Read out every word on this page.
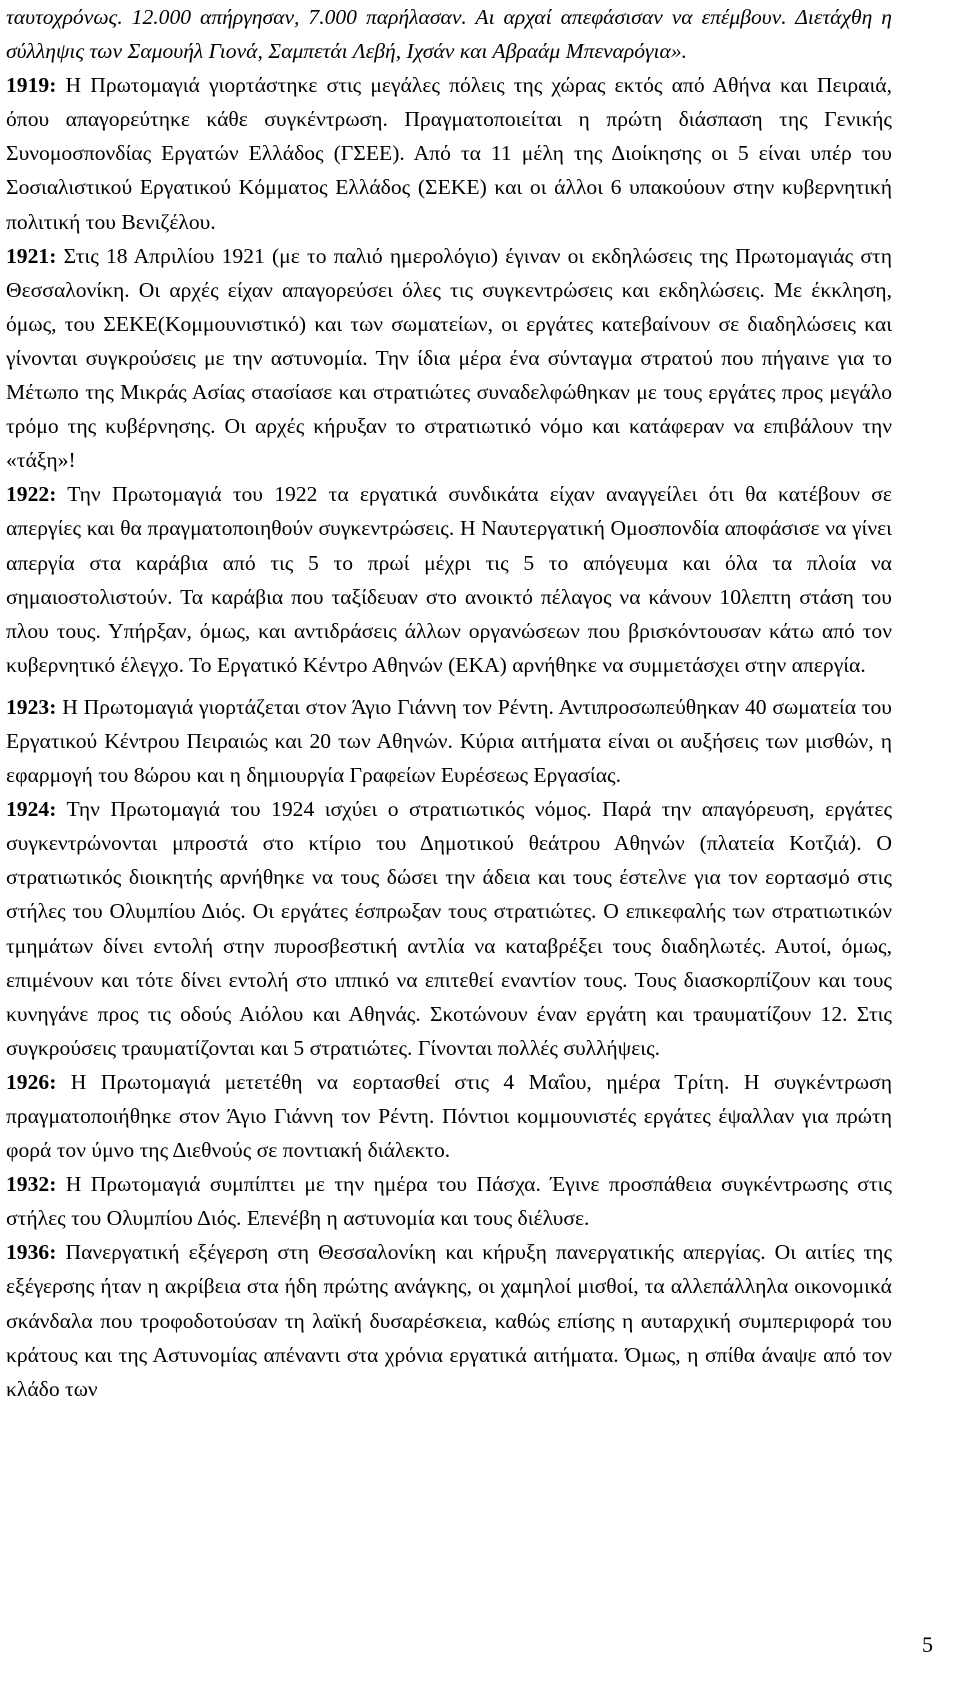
ταυτοχρόνως. 12.000 απήργησαν, 7.000 παρήλασαν. Αι αρχαί απεφάσισαν να επέμβουν. Διετάχθη η σύλληψις των Σαμουήλ Γιονά, Σαμπετάι Λεβή, Ιχσάν και Αβραάμ Μπεναρόγια».

1919: Η Πρωτομαγιά γιορτάστηκε στις μεγάλες πόλεις της χώρας εκτός από Αθήνα και Πειραιά, όπου απαγορεύτηκε κάθε συγκέντρωση. Πραγματοποιείται η πρώτη διάσπαση της Γενικής Συνομοσπονδίας Εργατών Ελλάδος (ΓΣΕΕ). Από τα 11 μέλη της Διοίκησης οι 5 είναι υπέρ του Σοσιαλιστικού Εργατικού Κόμματος Ελλάδος (ΣΕΚΕ) και οι άλλοι 6 υπακούουν στην κυβερνητική πολιτική του Βενιζέλου.

1921: Στις 18 Απριλίου 1921 (με το παλιό ημερολόγιο) έγιναν οι εκδηλώσεις της Πρωτομαγιάς στη Θεσσαλονίκη. Οι αρχές είχαν απαγορεύσει όλες τις συγκεντρώσεις και εκδηλώσεις. Με έκκληση, όμως, του ΣΕΚΕ(Κομμουνιστικό) και των σωματείων, οι εργάτες κατεβαίνουν σε διαδηλώσεις και γίνονται συγκρούσεις με την αστυνομία. Την ίδια μέρα ένα σύνταγμα στρατού που πήγαινε για το Μέτωπο της Μικράς Ασίας στασίασε και στρατιώτες συναδελφώθηκαν με τους εργάτες προς μεγάλο τρόμο της κυβέρνησης. Οι αρχές κήρυξαν το στρατιωτικό νόμο και κατάφεραν να επιβάλουν την «τάξη»!

1922: Την Πρωτομαγιά του 1922 τα εργατικά συνδικάτα είχαν αναγγείλει ότι θα κατέβουν σε απεργίες και θα πραγματοποιηθούν συγκεντρώσεις. Η Ναυτεργατική Ομοσπονδία αποφάσισε να γίνει απεργία στα καράβια από τις 5 το πρωί μέχρι τις 5 το απόγευμα και όλα τα πλοία να σημαιοστολιστούν. Τα καράβια που ταξίδευαν στο ανοικτό πέλαγος να κάνουν 10λεπτη στάση του πλου τους. Υπήρξαν, όμως, και αντιδράσεις άλλων οργανώσεων που βρισκόντουσαν κάτω από τον κυβερνητικό έλεγχο. Το Εργατικό Κέντρο Αθηνών (ΕΚΑ) αρνήθηκε να συμμετάσχει στην απεργία.

1923: Η Πρωτομαγιά γιορτάζεται στον Άγιο Γιάννη τον Ρέντη. Αντιπροσωπεύθηκαν 40 σωματεία του Εργατικού Κέντρου Πειραιώς και 20 των Αθηνών. Κύρια αιτήματα είναι οι αυξήσεις των μισθών, η εφαρμογή του 8ώρου και η δημιουργία Γραφείων Ευρέσεως Εργασίας.

1924: Την Πρωτομαγιά του 1924 ισχύει ο στρατιωτικός νόμος. Παρά την απαγόρευση, εργάτες συγκεντρώνονται μπροστά στο κτίριο του Δημοτικού θεάτρου Αθηνών (πλατεία Κοτζιά). Ο στρατιωτικός διοικητής αρνήθηκε να τους δώσει την άδεια και τους έστελνε για τον εορτασμό στις στήλες του Ολυμπίου Διός. Οι εργάτες έσπρωξαν τους στρατιώτες. Ο επικεφαλής των στρατιωτικών τμημάτων δίνει εντολή στην πυροσβεστική αντλία να καταβρέξει τους διαδηλωτές. Αυτοί, όμως, επιμένουν και τότε δίνει εντολή στο ιππικό να επιτεθεί εναντίον τους. Τους διασκορπίζουν και τους κυνηγάνε προς τις οδούς Αιόλου και Αθηνάς. Σκοτώνουν έναν εργάτη και τραυματίζουν 12. Στις συγκρούσεις τραυματίζονται και 5 στρατιώτες. Γίνονται πολλές συλλήψεις.

1926: Η Πρωτομαγιά μετετέθη να εορτασθεί στις 4 Μαΐου, ημέρα Τρίτη. Η συγκέντρωση πραγματοποιήθηκε στον Άγιο Γιάννη τον Ρέντη. Πόντιοι κομμουνιστές εργάτες έψαλλαν για πρώτη φορά τον ύμνο της Διεθνούς σε ποντιακή διάλεκτο.

1932: Η Πρωτομαγιά συμπίπτει με την ημέρα του Πάσχα. Έγινε προσπάθεια συγκέντρωσης στις στήλες του Ολυμπίου Διός. Επενέβη η αστυνομία και τους διέλυσε.

1936: Πανεργατική εξέγερση στη Θεσσαλονίκη και κήρυξη πανεργατικής απεργίας. Οι αιτίες της εξέγερσης ήταν η ακρίβεια στα ήδη πρώτης ανάγκης, οι χαμηλοί μισθοί, τα αλλεπάλληλα οικονομικά σκάνδαλα που τροφοδοτούσαν τη λαϊκή δυσαρέσκεια, καθώς επίσης η αυταρχική συμπεριφορά του κράτους και της Αστυνομίας απέναντι στα χρόνια εργατικά αιτήματα. Όμως, η σπίθα άναψε από τον κλάδο των

5
